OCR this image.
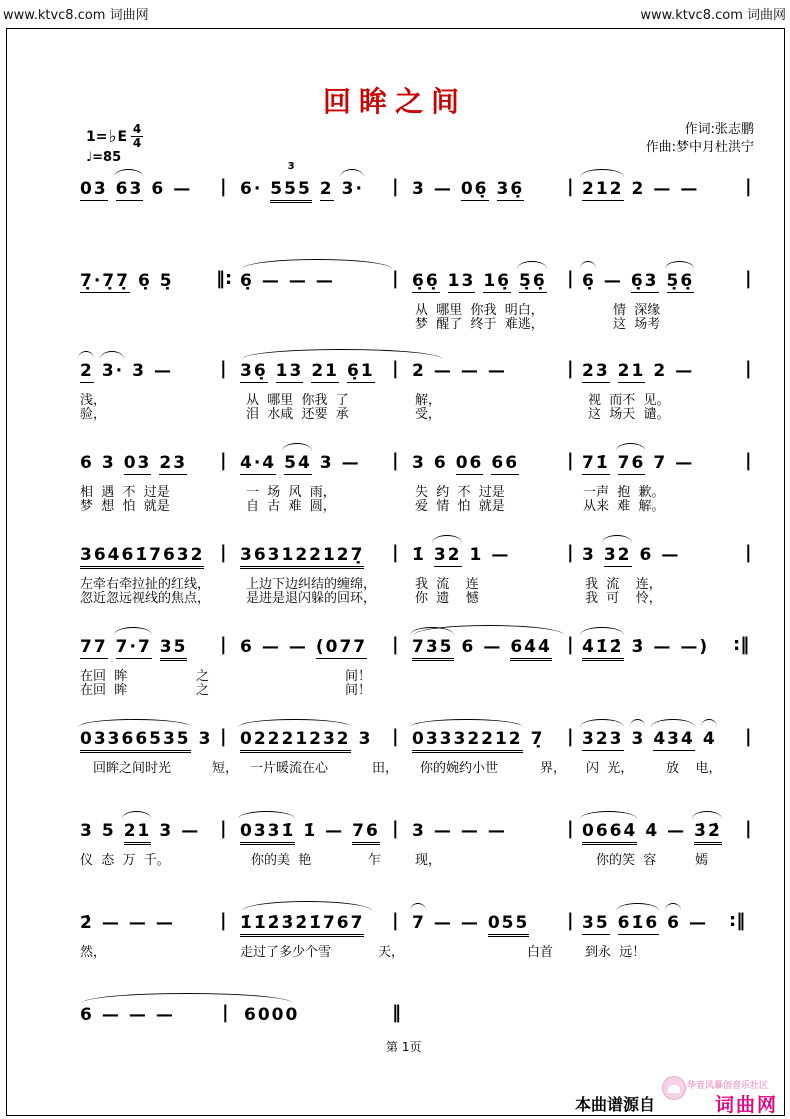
www.ktvc8.com 词曲网	www.ktvc8.com 词曲网
回眸之间
1= ♭ E $\frac{4}{4}$
♩=85
作词:张志鹏
作曲:梦中月杜洪宁
03 63 6 —	| 6· 555
3
2 3·	| 3 — 06̣ 36̣	| 212 2 — —	|
7̣·7̣7̣ 6̣ 5̣	‖: 6̣ — — —	| 6̣6̣ 13 16̣ 5̣6̣	| 6̣ — 6̣3 5̣6̣	|
从  哪里  你我  明白，	情  深缘
梦  醒了  终于  难逃，	这  场考
2 3· 3 —	| 36̣ 13 21 6̣1 | 2 — — —	| 23 21 2 —	|
浅，	从  哪里  你我  了	解，	视  而不  见。
验，	泪  水咸  还要  承	受，	这  场天  谴。
6 3 03 23	| 4·4 54 3 —	| 3 6 06 66	| 71̇ 76 7 —	|
相  遇  不  过是	一  场  风  雨，	失  约  不  过是	一声  抱  歉。
梦  想  怕  就是	自  古  难  圆，	爱  情  怕  就是	从来  难  解。
36461̇7632 | 363122127̣	| 1̇ 32 1 —	| 3 32 6 —	|
左牵右牵拉扯的红线，	上边下边纠结的缠绵，	我  流    连	我  流    连，
忽近忽远视线的焦点，	是进是退闪躲的回环，	你  遗    憾	我  可    怜，
77 7·7 35	| 6 — — (077	| 735 6 — 64̇4̇ | 4̇1̇2̇ 3̇ — —)	:‖
在回  眸	之	间！
在回  眸	之	间！
03366535 3 | 02221232 3	| 03332212 7̣	| 323 3 434 4	|
回眸之间时光	短， 一片暖流在心	田， 你的婉约小世	界， 闪  光，	放    电，
3 5 21 3 —	| 0331̇ 1̇ — 76 | 3 — — —	| 0664̇ 4̇ — 3̇2̇	|
仪  态  万  千。	你的美  艳	乍	现，	你的笑  容	嫣
2̇ — — —	| 1̇1̇2̇3̇2̇1̇767	| 7 — — 055	| 35 61̇6 6 —	:‖
然，	走过了多少个雪	天，	白首 到永  远！
6 — — —	| 6000	‖
第 1页
本曲谱源自
华音风暴创音乐社区
词曲网
